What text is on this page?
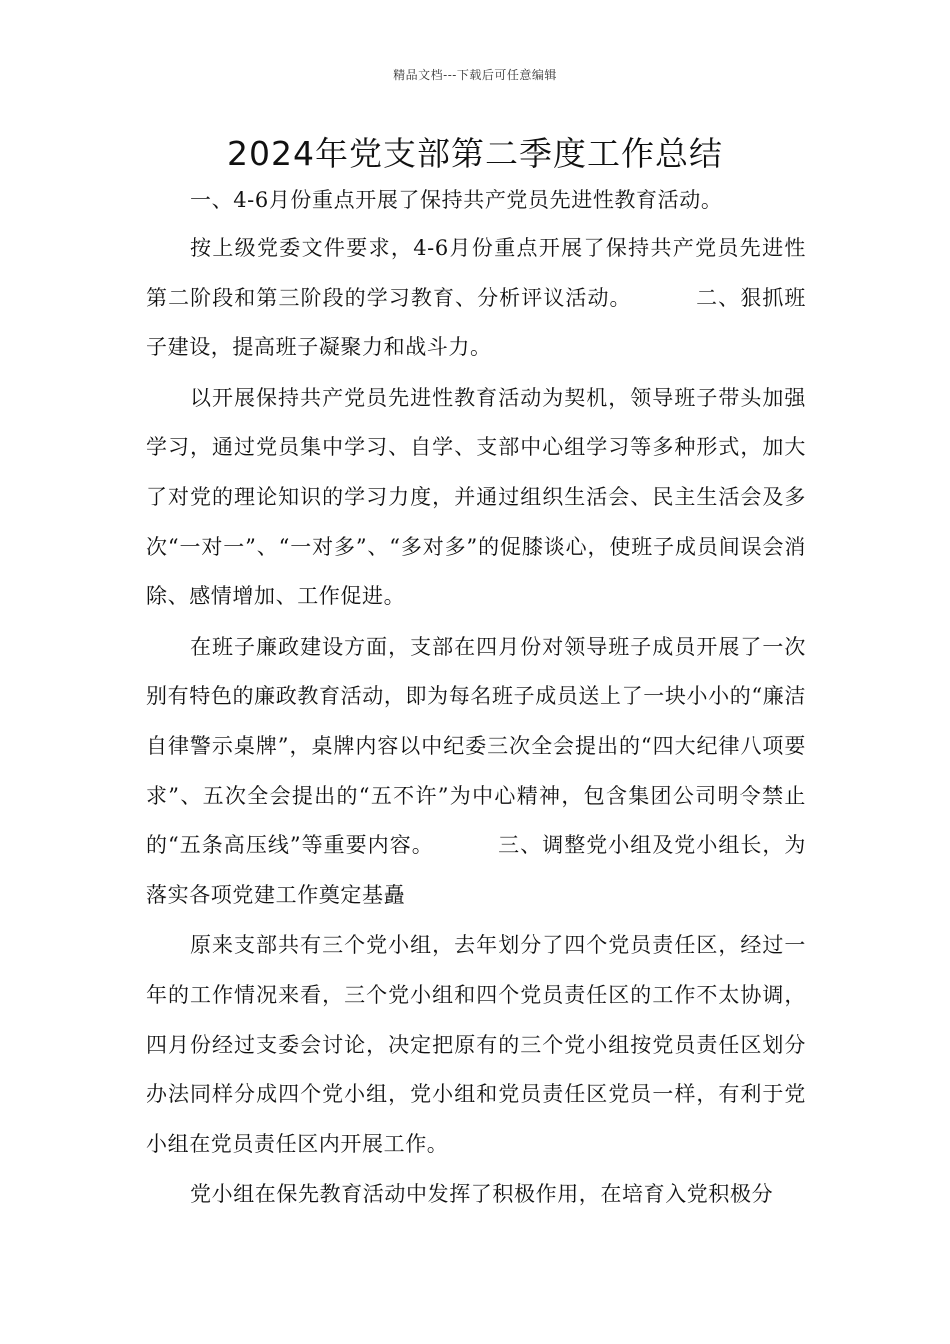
精品文档---下载后可任意编辑
2024年党支部第二季度工作总结

一、4-6月份重点开展了保持共产党员先进性教育活动。

按上级党委文件要求，4-6月份重点开展了保持共产党员先进性第二阶段和第三阶段的学习教育、分析评议活动。	二、狠抓班子建设，提高班子凝聚力和战斗力。

以开展保持共产党员先进性教育活动为契机，领导班子带头加强学习，通过党员集中学习、自学、支部中心组学习等多种形式，加大了对党的理论知识的学习力度，并通过组织生活会、民主生活会及多次“一对一”、“一对多”、“多对多”的促膝谈心，使班子成员间误会消除、感情增加、工作促进。

在班子廉政建设方面，支部在四月份对领导班子成员开展了一次别有特色的廉政教育活动，即为每名班子成员送上了一块小小的“廉洁自律警示桌牌”，桌牌内容以中纪委三次全会提出的“四大纪律八项要求”、五次全会提出的“五不许”为中心精神，包含集团公司明令禁止的“五条高压线”等重要内容。	三、调整党小组及党小组长，为落实各项党建工作奠定基矗

原来支部共有三个党小组，去年划分了四个党员责任区，经过一年的工作情况来看，三个党小组和四个党员责任区的工作不太协调，四月份经过支委会讨论，决定把原有的三个党小组按党员责任区划分办法同样分成四个党小组，党小组和党员责任区党员一样，有利于党小组在党员责任区内开展工作。

党小组在保先教育活动中发挥了积极作用，在培育入党积极分
